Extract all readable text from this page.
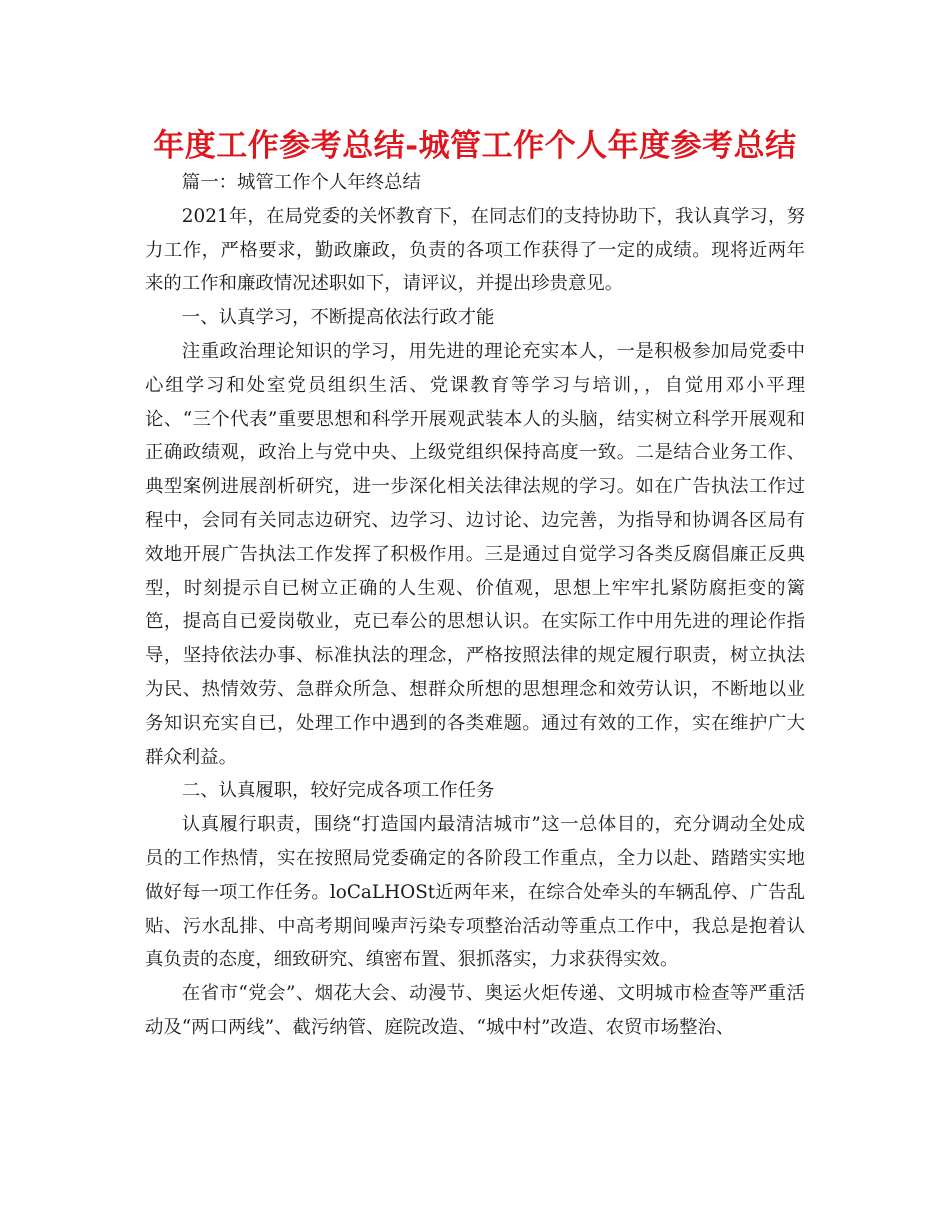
年度工作参考总结-城管工作个人年度参考总结

篇一：城管工作个人年终总结

2021年，在局党委的关怀教育下，在同志们的支持协助下，我认真学习，努力工作，严格要求，勤政廉政，负责的各项工作获得了一定的成绩。现将近两年来的工作和廉政情况述职如下，请评议，并提出珍贵意见。

一、认真学习，不断提高依法行政才能

注重政治理论知识的学习，用先进的理论充实本人，一是积极参加局党委中心组学习和处室党员组织生活、党课教育等学习与培训，，自觉用邓小平理论、“三个代表”重要思想和科学开展观武装本人的头脑，结实树立科学开展观和正确政绩观，政治上与党中央、上级党组织保持高度一致。二是结合业务工作、典型案例进展剖析研究，进一步深化相关法律法规的学习。如在广告执法工作过程中，会同有关同志边研究、边学习、边讨论、边完善，为指导和协调各区局有效地开展广告执法工作发挥了积极作用。三是通过自觉学习各类反腐倡廉正反典型，时刻提示自已树立正确的人生观、价值观，思想上牢牢扎紧防腐拒变的篱笆，提高自已爱岗敬业，克已奉公的思想认识。在实际工作中用先进的理论作指导，坚持依法办事、标准执法的理念，严格按照法律的规定履行职责，树立执法为民、热情效劳、急群众所急、想群众所想的思想理念和效劳认识，不断地以业务知识充实自已，处理工作中遇到的各类难题。通过有效的工作，实在维护广大群众利益。

二、认真履职，较好完成各项工作任务

认真履行职责，围绕“打造国内最清洁城市”这一总体目的，充分调动全处成员的工作热情，实在按照局党委确定的各阶段工作重点，全力以赴、踏踏实实地做好每一项工作任务。loCaLHOSt近两年来，在综合处牵头的车辆乱停、广告乱贴、污水乱排、中高考期间噪声污染专项整治活动等重点工作中，我总是抱着认真负责的态度，细致研究、缜密布置、狠抓落实，力求获得实效。

在省市“党会”、烟花大会、动漫节、奥运火炬传递、文明城市检查等严重活动及“两口两线”、截污纳管、庭院改造、“城中村”改造、农贸市场整治、
